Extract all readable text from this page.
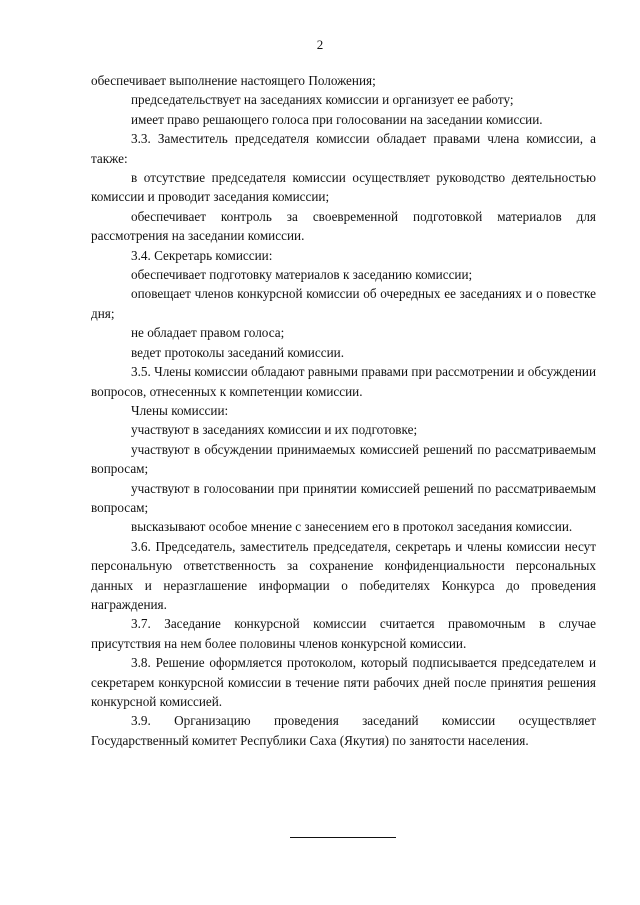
2

обеспечивает выполнение настоящего Положения;

председательствует на заседаниях комиссии и организует ее работу;

имеет право решающего голоса при голосовании на заседании комиссии.

3.3. Заместитель председателя комиссии обладает правами члена комиссии, а также:

в отсутствие председателя комиссии осуществляет руководство деятельностью комиссии и проводит заседания комиссии;

обеспечивает контроль за своевременной подготовкой материалов для рассмотрения на заседании комиссии.

3.4. Секретарь комиссии:

обеспечивает подготовку материалов к заседанию комиссии;

оповещает членов конкурсной комиссии об очередных ее заседаниях и о повестке дня;

не обладает правом голоса;

ведет протоколы заседаний комиссии.

3.5. Члены комиссии обладают равными правами при рассмотрении и обсуждении вопросов, отнесенных к компетенции комиссии.

Члены комиссии:

участвуют в заседаниях комиссии и их подготовке;

участвуют в обсуждении принимаемых комиссией решений по рассматриваемым вопросам;

участвуют в голосовании при принятии комиссией решений по рассматриваемым вопросам;

высказывают особое мнение с занесением его в протокол заседания комиссии.

3.6. Председатель, заместитель председателя, секретарь и члены комиссии несут персональную ответственность за сохранение конфиденциальности персональных данных и неразглашение информации о победителях Конкурса до проведения награждения.

3.7. Заседание конкурсной комиссии считается правомочным в случае присутствия на нем более половины членов конкурсной комиссии.

3.8. Решение оформляется протоколом, который подписывается председателем и секретарем конкурсной комиссии в течение пяти рабочих дней после принятия решения конкурсной комиссией.

3.9. Организацию проведения заседаний комиссии осуществляет Государственный комитет Республики Саха (Якутия) по занятости населения.
